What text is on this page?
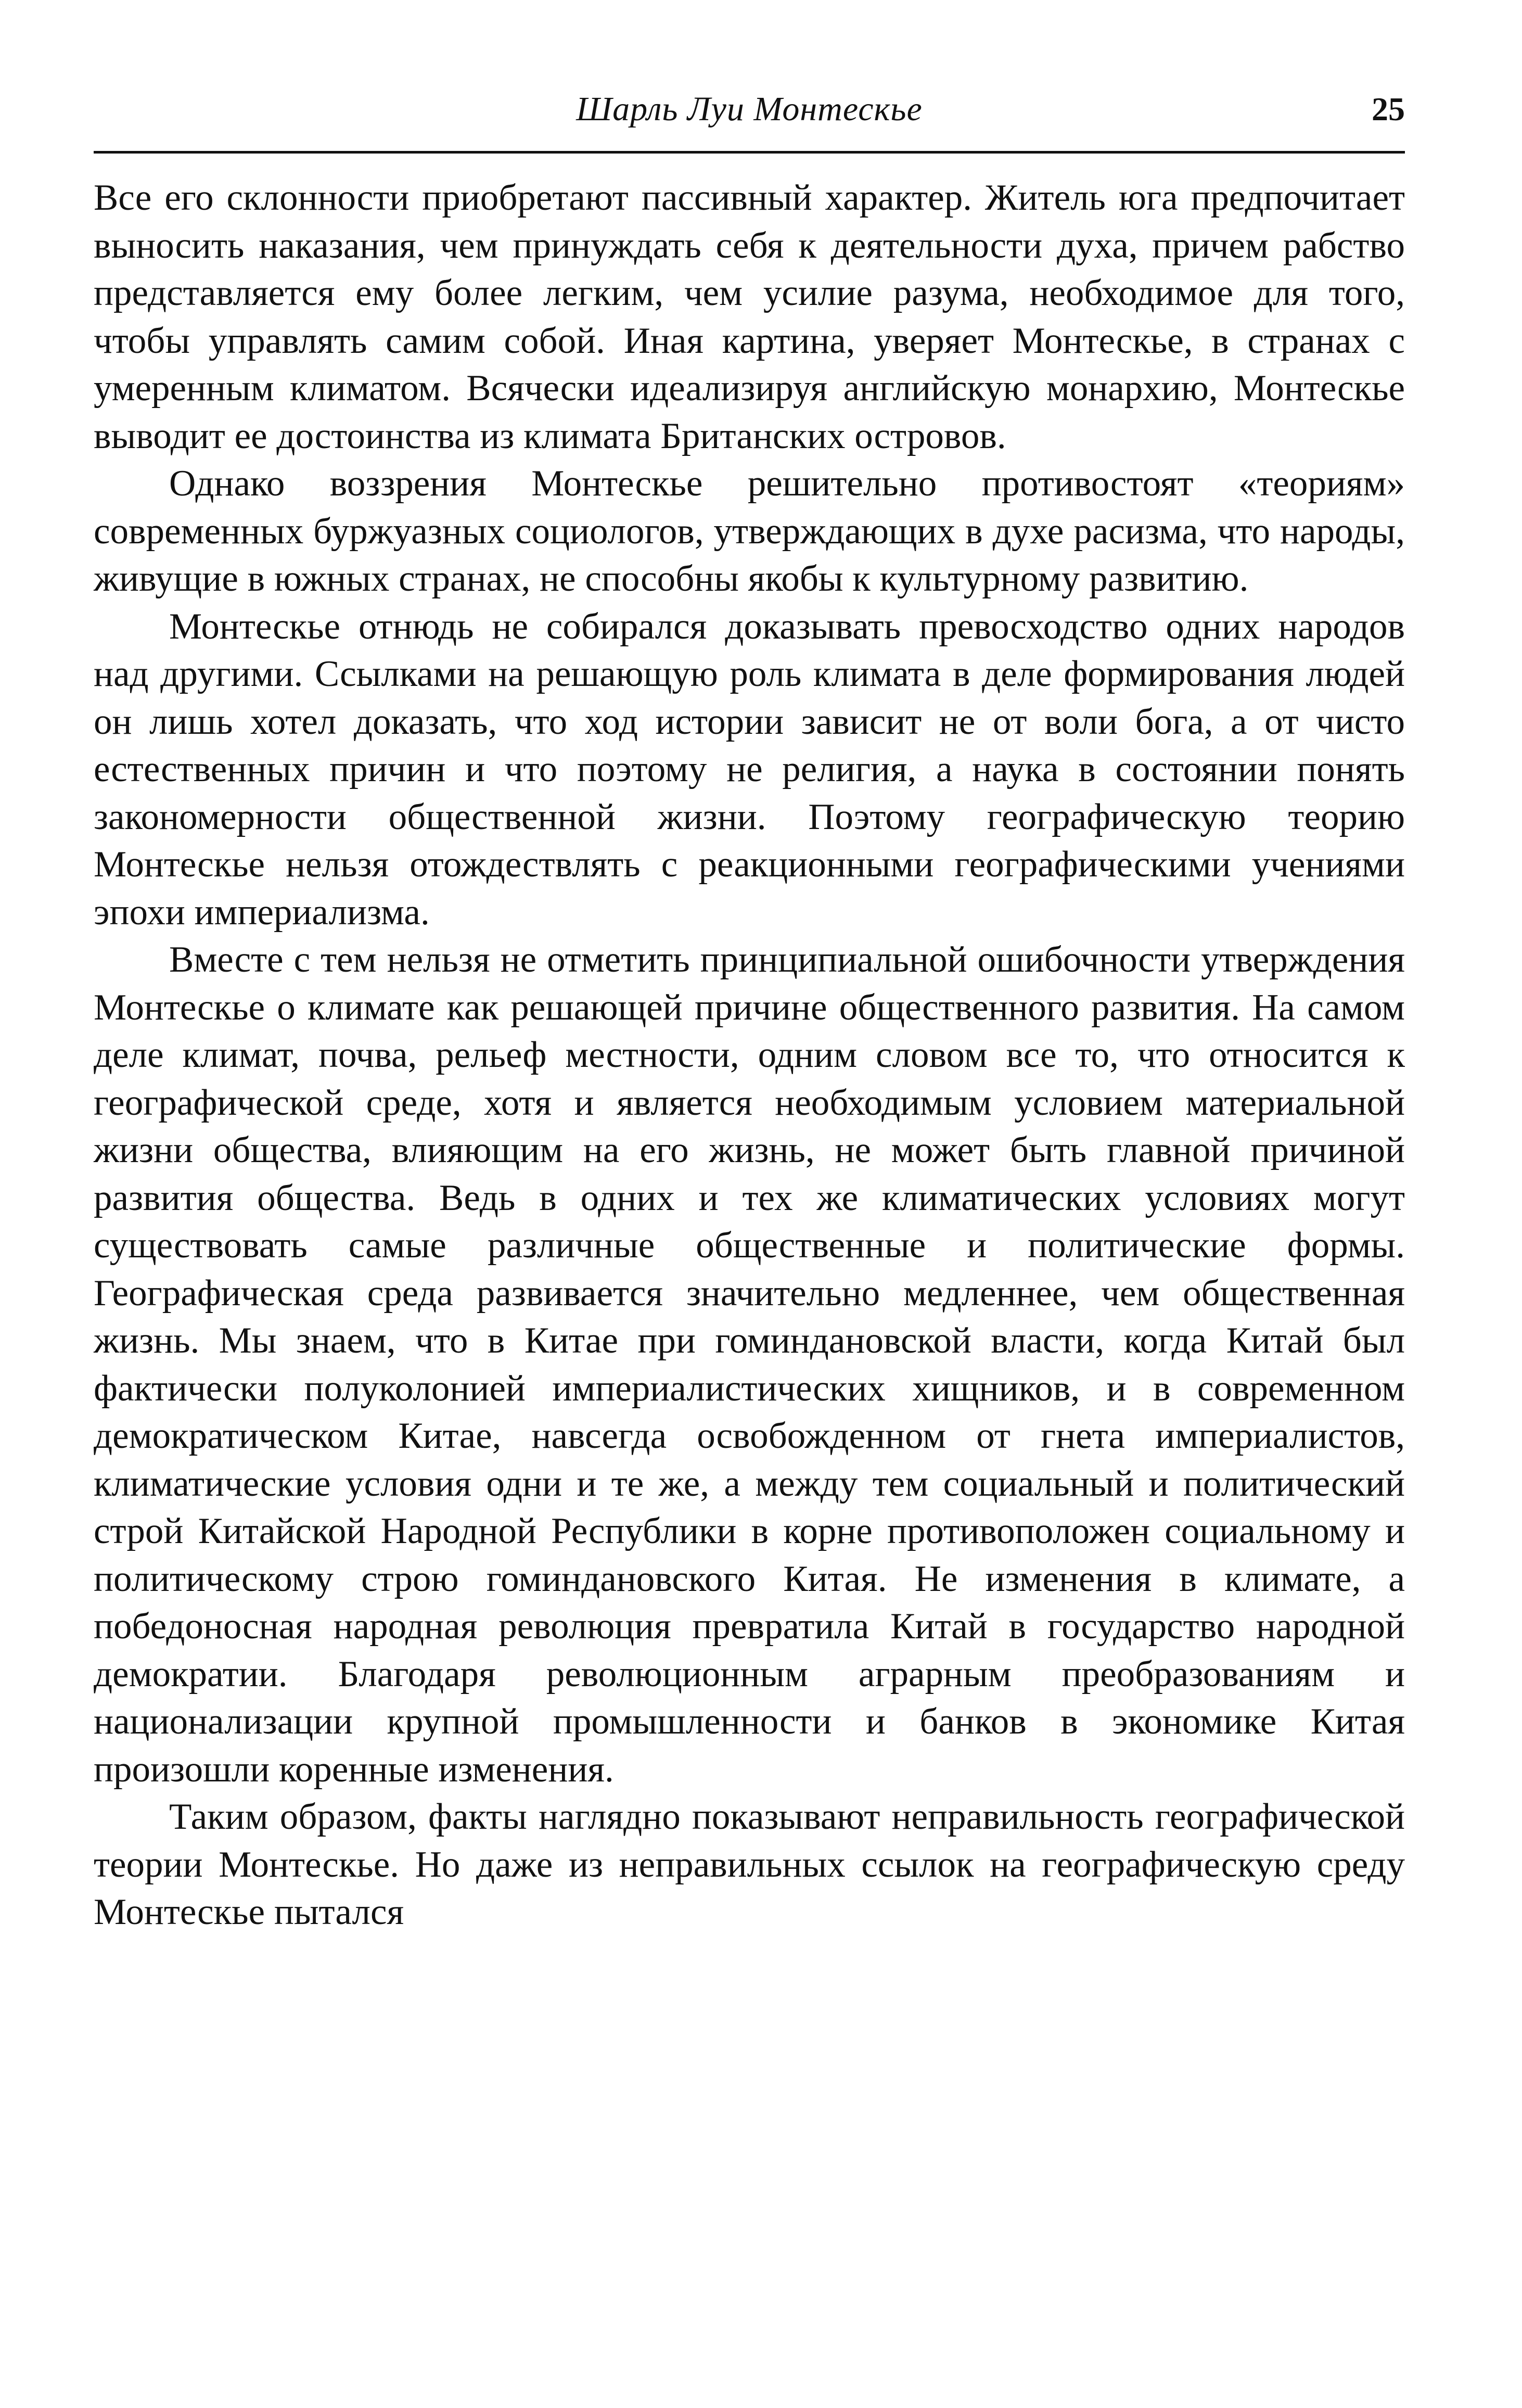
Шарль Луи Монтескье	25

Все его склонности приобретают пассивный характер. Житель юга предпочитает выносить наказания, чем принуждать себя к деятельности духа, причем рабство представляется ему более легким, чем усилие разума, необходимое для того, чтобы управлять самим собой. Иная картина, уверяет Монтескье, в странах с умеренным климатом. Всячески идеализируя английскую монархию, Монтескье выводит ее достоинства из климата Британских островов.

Однако воззрения Монтескье решительно противостоят «теориям» современных буржуазных социологов, утверждающих в духе расизма, что народы, живущие в южных странах, не способны якобы к культурному развитию.

Монтескье отнюдь не собирался доказывать превосходство одних народов над другими. Ссылками на решающую роль климата в деле формирования людей он лишь хотел доказать, что ход истории зависит не от воли бога, а от чисто естественных причин и что поэтому не религия, а наука в состоянии понять закономерности общественной жизни. Поэтому географическую теорию Монтескье нельзя отождествлять с реакционными географическими учениями эпохи империализма.

Вместе с тем нельзя не отметить принципиальной ошибочности утверждения Монтескье о климате как решающей причине общественного развития. На самом деле климат, почва, рельеф местности, одним словом все то, что относится к географической среде, хотя и является необходимым условием материальной жизни общества, влияющим на его жизнь, не может быть главной причиной развития общества. Ведь в одних и тех же климатических условиях могут существовать самые различные общественные и политические формы. Географическая среда развивается значительно медленнее, чем общественная жизнь. Мы знаем, что в Китае при гоминдановской власти, когда Китай был фактически полуколонией империалистических хищников, и в современном демократическом Китае, навсегда освобожденном от гнета империалистов, климатические условия одни и те же, а между тем социальный и политический строй Китайской Народной Республики в корне противоположен социальному и политическому строю гоминдановского Китая. Не изменения в климате, а победоносная народная революция превратила Китай в государство народной демократии. Благодаря революционным аграрным преобразованиям и национализации крупной промышленности и банков в экономике Китая произошли коренные изменения.

Таким образом, факты наглядно показывают неправильность географической теории Монтескье. Но даже из неправильных ссылок на географическую среду Монтескье пытался
